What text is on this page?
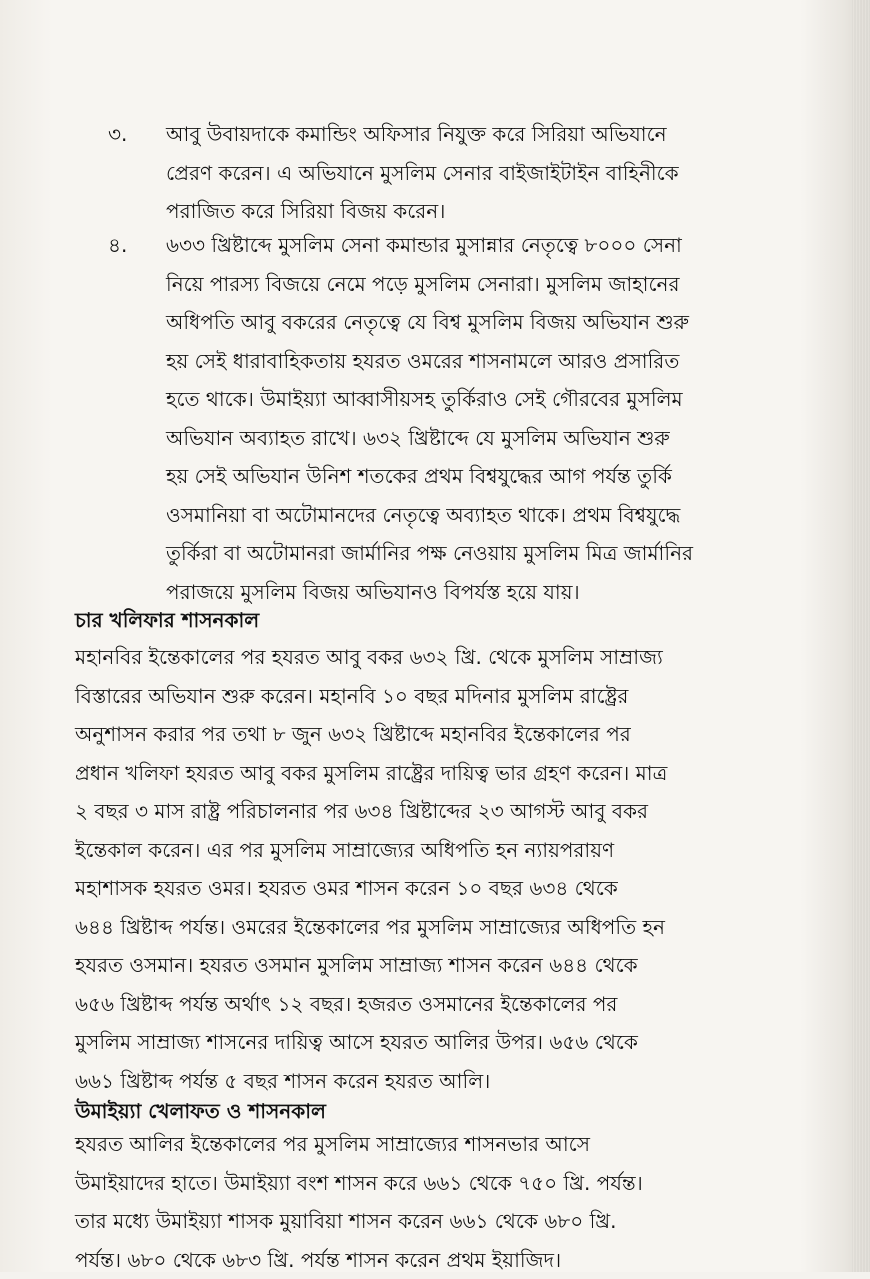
৩.	আবু উবায়দাকে কমান্ডিং অফিসার নিযুক্ত করে সিরিয়া অভিযানে
প্রেরণ করেন। এ অভিযানে মুসলিম সেনার বাইজাইটাইন বাহিনীকে
পরাজিত করে সিরিয়া বিজয় করেন।
৪.	৬৩৩ খ্রিষ্টাব্দে মুসলিম সেনা কমান্ডার মুসান্নার নেতৃত্বে ৮০০০ সেনা
নিয়ে পারস্য বিজয়ে নেমে পড়ে মুসলিম সেনারা। মুসলিম জাহানের
অধিপতি আবু বকরের নেতৃত্বে যে বিশ্ব মুসলিম বিজয় অভিযান শুরু
হয় সেই ধারাবাহিকতায় হযরত ওমরের শাসনামলে আরও প্রসারিত
হতে থাকে। উমাইয়্যা আব্বাসীয়সহ তুর্কিরাও সেই গৌরবের মুসলিম
অভিযান অব্যাহত রাখে। ৬৩২ খ্রিষ্টাব্দে যে মুসলিম অভিযান শুরু
হয় সেই অভিযান উনিশ শতকের প্রথম বিশ্বযুদ্ধের আগ পর্যন্ত তুর্কি
ওসমানিয়া বা অটোমানদের নেতৃত্বে অব্যাহত থাকে। প্রথম বিশ্বযুদ্ধে
তুর্কিরা বা অটোমানরা জার্মানির পক্ষ নেওয়ায় মুসলিম মিত্র জার্মানির
পরাজয়ে মুসলিম বিজয় অভিযানও বিপর্যস্ত হয়ে যায়।
চার খলিফার শাসনকাল
মহানবির ইন্তেকালের পর হযরত আবু বকর ৬৩২ খ্রি. থেকে মুসলিম সাম্রাজ্য
বিস্তারের অভিযান শুরু করেন। মহানবি ১০ বছর মদিনার মুসলিম রাষ্ট্রের
অনুশাসন করার পর তথা ৮ জুন ৬৩২ খ্রিষ্টাব্দে মহানবির ইন্তেকালের পর
প্রধান খলিফা হযরত আবু বকর মুসলিম রাষ্ট্রের দায়িত্ব ভার গ্রহণ করেন। মাত্র
২ বছর ৩ মাস রাষ্ট্র পরিচালনার পর ৬৩৪ খ্রিষ্টাব্দের ২৩ আগস্ট আবু বকর
ইন্তেকাল করেন। এর পর মুসলিম সাম্রাজ্যের অধিপতি হন ন্যায়পরায়ণ
মহাশাসক হযরত ওমর। হযরত ওমর শাসন করেন ১০ বছর ৬৩৪ থেকে
৬৪৪ খ্রিষ্টাব্দ পর্যন্ত। ওমরের ইন্তেকালের পর মুসলিম সাম্রাজ্যের অধিপতি হন
হযরত ওসমান। হযরত ওসমান মুসলিম সাম্রাজ্য শাসন করেন ৬৪৪ থেকে
৬৫৬ খ্রিষ্টাব্দ পর্যন্ত অর্থাৎ ১২ বছর। হজরত ওসমানের ইন্তেকালের পর
মুসলিম সাম্রাজ্য শাসনের দায়িত্ব আসে হযরত আলির উপর। ৬৫৬ থেকে
৬৬১ খ্রিষ্টাব্দ পর্যন্ত ৫ বছর শাসন করেন হযরত আলি।
উমাইয়্যা খেলাফত ও শাসনকাল
হযরত আলির ইন্তেকালের পর মুসলিম সাম্রাজ্যের শাসনভার আসে
উমাইয়াদের হাতে। উমাইয়্যা বংশ শাসন করে ৬৬১ থেকে ৭৫০ খ্রি. পর্যন্ত।
তার মধ্যে উমাইয়্যা শাসক মুয়াবিয়া শাসন করেন ৬৬১ থেকে ৬৮০ খ্রি.
পর্যন্ত। ৬৮০ থেকে ৬৮৩ খ্রি. পর্যন্ত শাসন করেন প্রথম ইয়াজিদ।
